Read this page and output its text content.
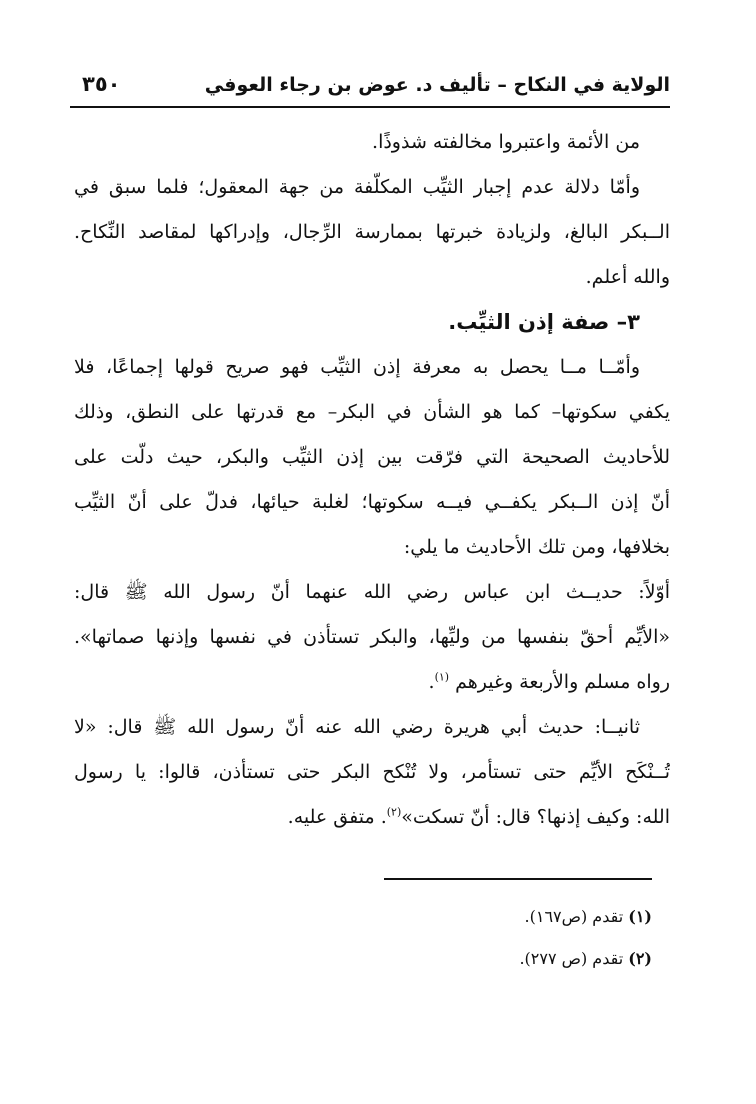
الولاية في النكاح – تأليف د. عوض بن رجاء العوفي
٣٥٠
من الأئمة واعتبروا مخالفته شذوذًا.
وأمّا دلالة عدم إجبار الثيِّب المكلّفة من جهة المعقول؛ فلما سبق في
الــبكر البالغ، ولزيادة خبرتها بممارسة الرِّجال، وإدراكها لمقاصد النِّكاح.
والله أعلم.
٣– صفة إذن الثيِّب.
وأمّــا مــا يحصل به معرفة إذن الثيِّب فهو صريح قولها إجماعًا، فلا
يكفي سكوتها– كما هو الشأن في البكر– مع قدرتها على النطق، وذلك
للأحاديث الصحيحة التي فرّقت بين إذن الثيِّب والبكر، حيث دلّت على
أنّ إذن الــبكر يكفــي فيــه سكوتها؛ لغلبة حيائها، فدلّ على أنّ الثيِّب
بخلافها، ومن تلك الأحاديث ما يلي:
أوّلاً: حديــث ابن عباس رضي الله عنهما أنّ رسول الله ﷺ قال:
«الأيِّم أحقّ بنفسها من وليِّها، والبكر تستأذن في نفسها وإذنها صماتها».
رواه مسلم والأربعة وغيرهم $^{(١)}$.
ثانيــا: حديث أبي هريرة رضي الله عنه أنّ رسول الله ﷺ قال: «لا
تُــنْكَح الأيِّم حتى تستأمر، ولا تُنْكح البكر حتى تستأذن، قالوا: يا رسول
الله: وكيف إذنها؟ قال: أنّ تسكت»$^{(٢)}$. متفق عليه.
(١) تقدم (ص١٦٧).
(٢) تقدم (ص ٢٧٧).
